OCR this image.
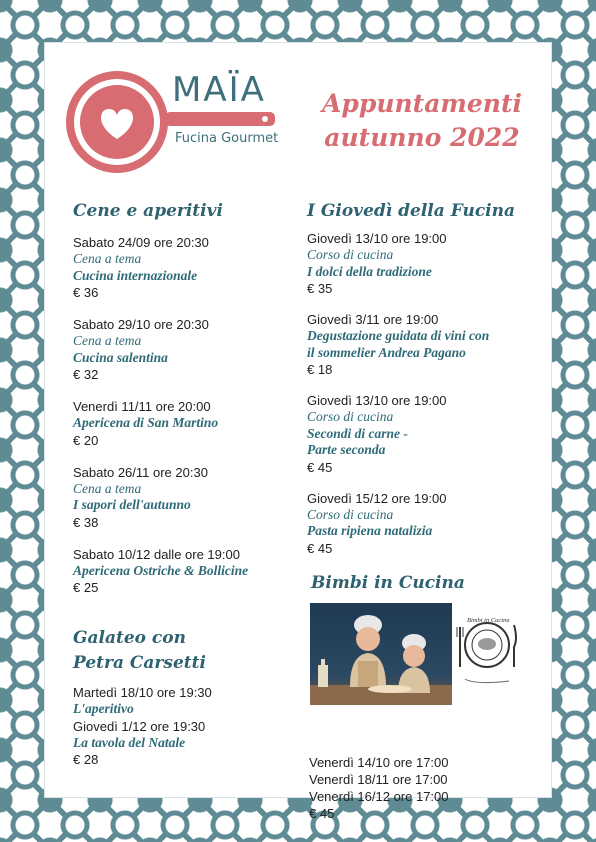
MAÏA
Fucina Gourmet
Appuntamenti autunno 2022
Cene e aperitivi
Sabato 24/09 ore 20:30
Cena a tema
Cucina internazionale
€ 36
Sabato 29/10 ore 20:30
Cena a tema
Cucina salentina
€ 32
Venerdì 11/11 ore 20:00
Apericena di San Martino
€ 20
Sabato 26/11 ore 20:30
Cena a tema
I sapori dell'autunno
€ 38
Sabato 10/12 dalle ore 19:00
Apericena Ostriche & Bollicine
€ 25
Galateo con
Petra Carsetti
Martedì 18/10 ore 19:30
L'aperitivo
Giovedì 1/12 ore 19:30
La tavola del Natale
€ 28
I Giovedì della Fucina
Giovedì 13/10 ore 19:00
Corso di cucina
I dolci della tradizione
€ 35
Giovedì 3/11 ore 19:00
Degustazione guidata di vini con
il sommelier Andrea Pagano
€ 18
Giovedì 13/10 ore 19:00
Corso di cucina
Secondi di carne -
Parte seconda
€ 45
Giovedì 15/12 ore 19:00
Corso di cucina
Pasta ripiena natalizia
€ 45
Bimbi in Cucina
Venerdì 14/10 ore 17:00
Venerdì 18/11 ore 17:00
Venerdì 16/12 ore 17:00
€ 45
Bimbi in Cucina
